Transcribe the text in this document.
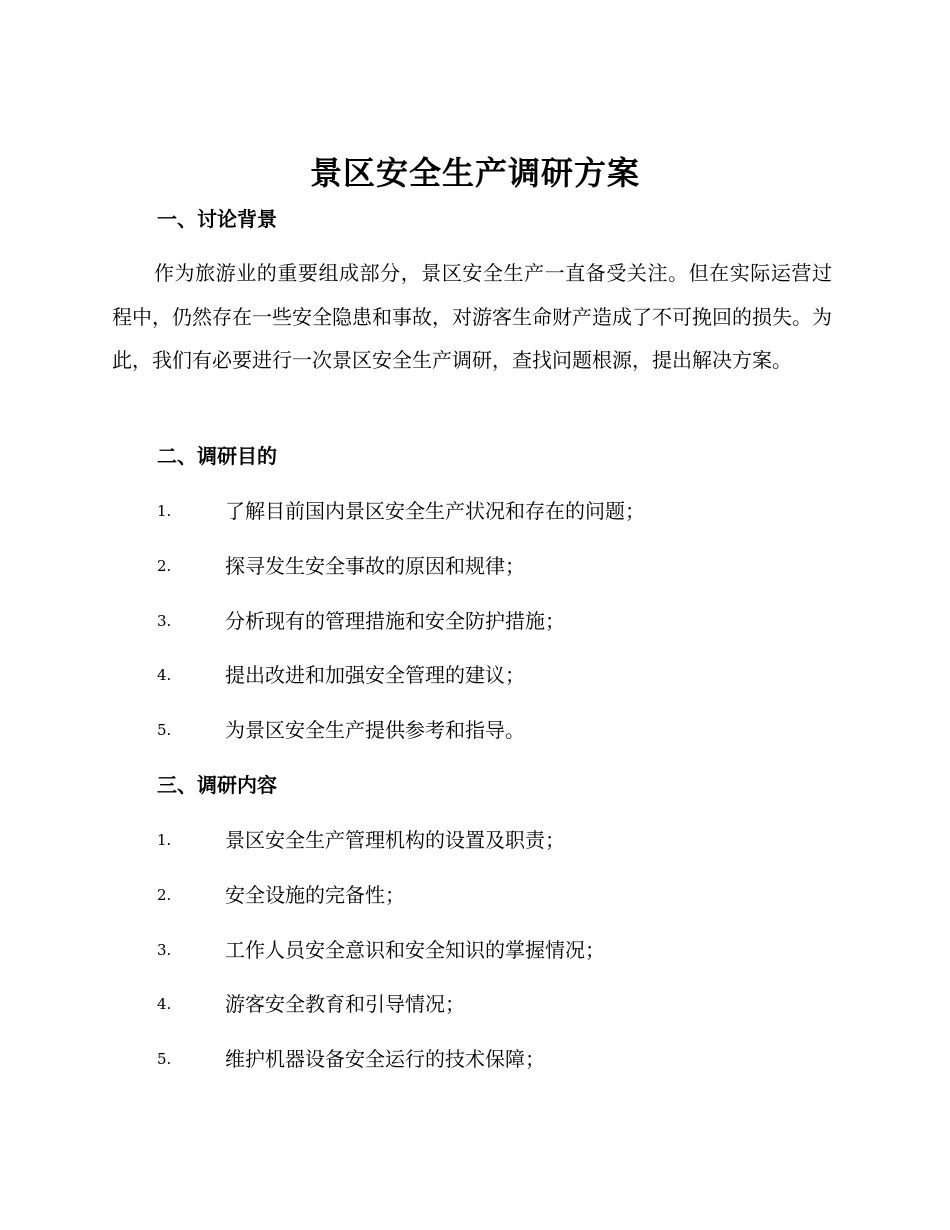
景区安全生产调研方案
一、讨论背景
作为旅游业的重要组成部分，景区安全生产一直备受关注。但在实际运营过程中，仍然存在一些安全隐患和事故，对游客生命财产造成了不可挽回的损失。为此，我们有必要进行一次景区安全生产调研，查找问题根源，提出解决方案。
二、调研目的
1.	了解目前国内景区安全生产状况和存在的问题；
2.	探寻发生安全事故的原因和规律；
3.	分析现有的管理措施和安全防护措施；
4.	提出改进和加强安全管理的建议；
5.	为景区安全生产提供参考和指导。
三、调研内容
1.	景区安全生产管理机构的设置及职责；
2.	安全设施的完备性；
3.	工作人员安全意识和安全知识的掌握情况；
4.	游客安全教育和引导情况；
5.	维护机器设备安全运行的技术保障；
